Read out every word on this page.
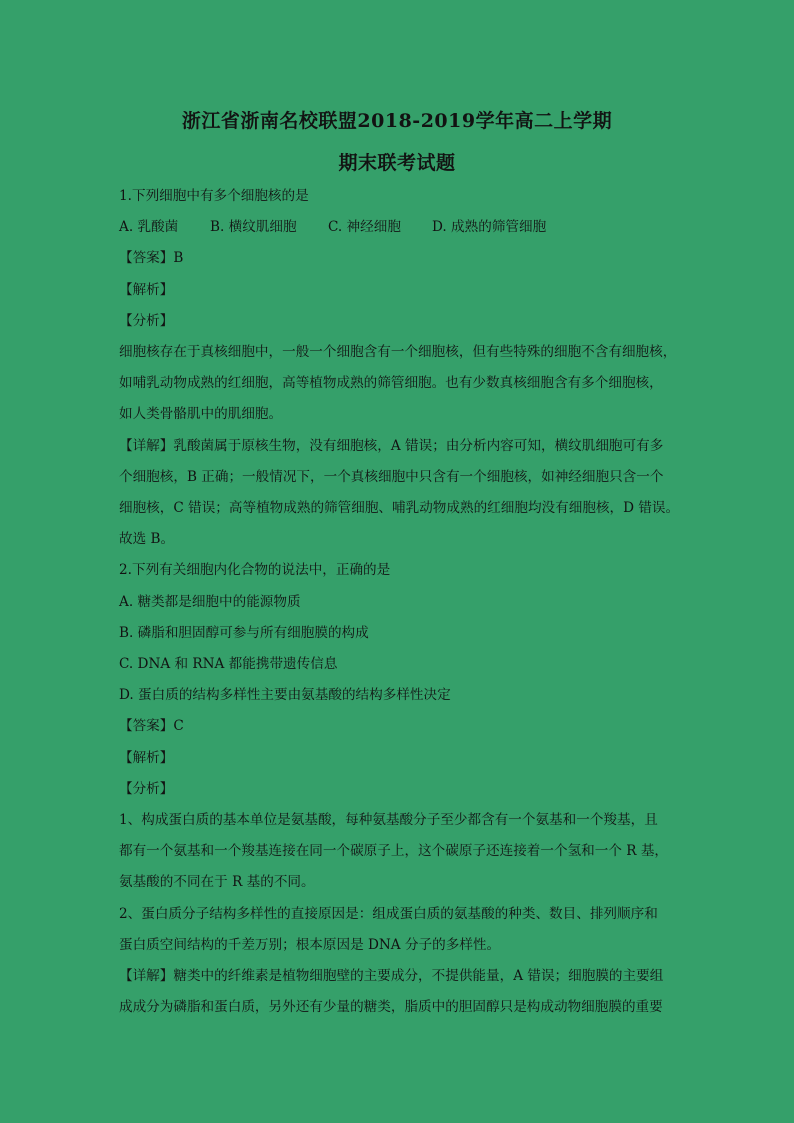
浙江省浙南名校联盟2018-2019学年高二上学期
期末联考试题
1.下列细胞中有多个细胞核的是
A. 乳酸菌 B. 横纹肌细胞 C. 神经细胞 D. 成熟的筛管细胞
【答案】B
【解析】
【分析】
细胞核存在于真核细胞中，一般一个细胞含有一个细胞核，但有些特殊的细胞不含有细胞核，
如哺乳动物成熟的红细胞，高等植物成熟的筛管细胞。也有少数真核细胞含有多个细胞核，
如人类骨骼肌中的肌细胞。
【详解】乳酸菌属于原核生物，没有细胞核，A 错误；由分析内容可知，横纹肌细胞可有多
个细胞核，B 正确；一般情况下，一个真核细胞中只含有一个细胞核，如神经细胞只含一个
细胞核，C 错误；高等植物成熟的筛管细胞、哺乳动物成熟的红细胞均没有细胞核，D 错误。
故选 B。
2.下列有关细胞内化合物的说法中，正确的是
A. 糖类都是细胞中的能源物质
B. 磷脂和胆固醇可参与所有细胞膜的构成
C. DNA 和 RNA 都能携带遗传信息
D. 蛋白质的结构多样性主要由氨基酸的结构多样性决定
【答案】C
【解析】
【分析】
1、构成蛋白质的基本单位是氨基酸，每种氨基酸分子至少都含有一个氨基和一个羧基，且
都有一个氨基和一个羧基连接在同一个碳原子上，这个碳原子还连接着一个氢和一个 R 基，
氨基酸的不同在于 R 基的不同。
2、蛋白质分子结构多样性的直接原因是：组成蛋白质的氨基酸的种类、数目、排列顺序和
蛋白质空间结构的千差万别；根本原因是 DNA 分子的多样性。
【详解】糖类中的纤维素是植物细胞壁的主要成分，不提供能量，A 错误；细胞膜的主要组
成成分为磷脂和蛋白质，另外还有少量的糖类，脂质中的胆固醇只是构成动物细胞膜的重要
